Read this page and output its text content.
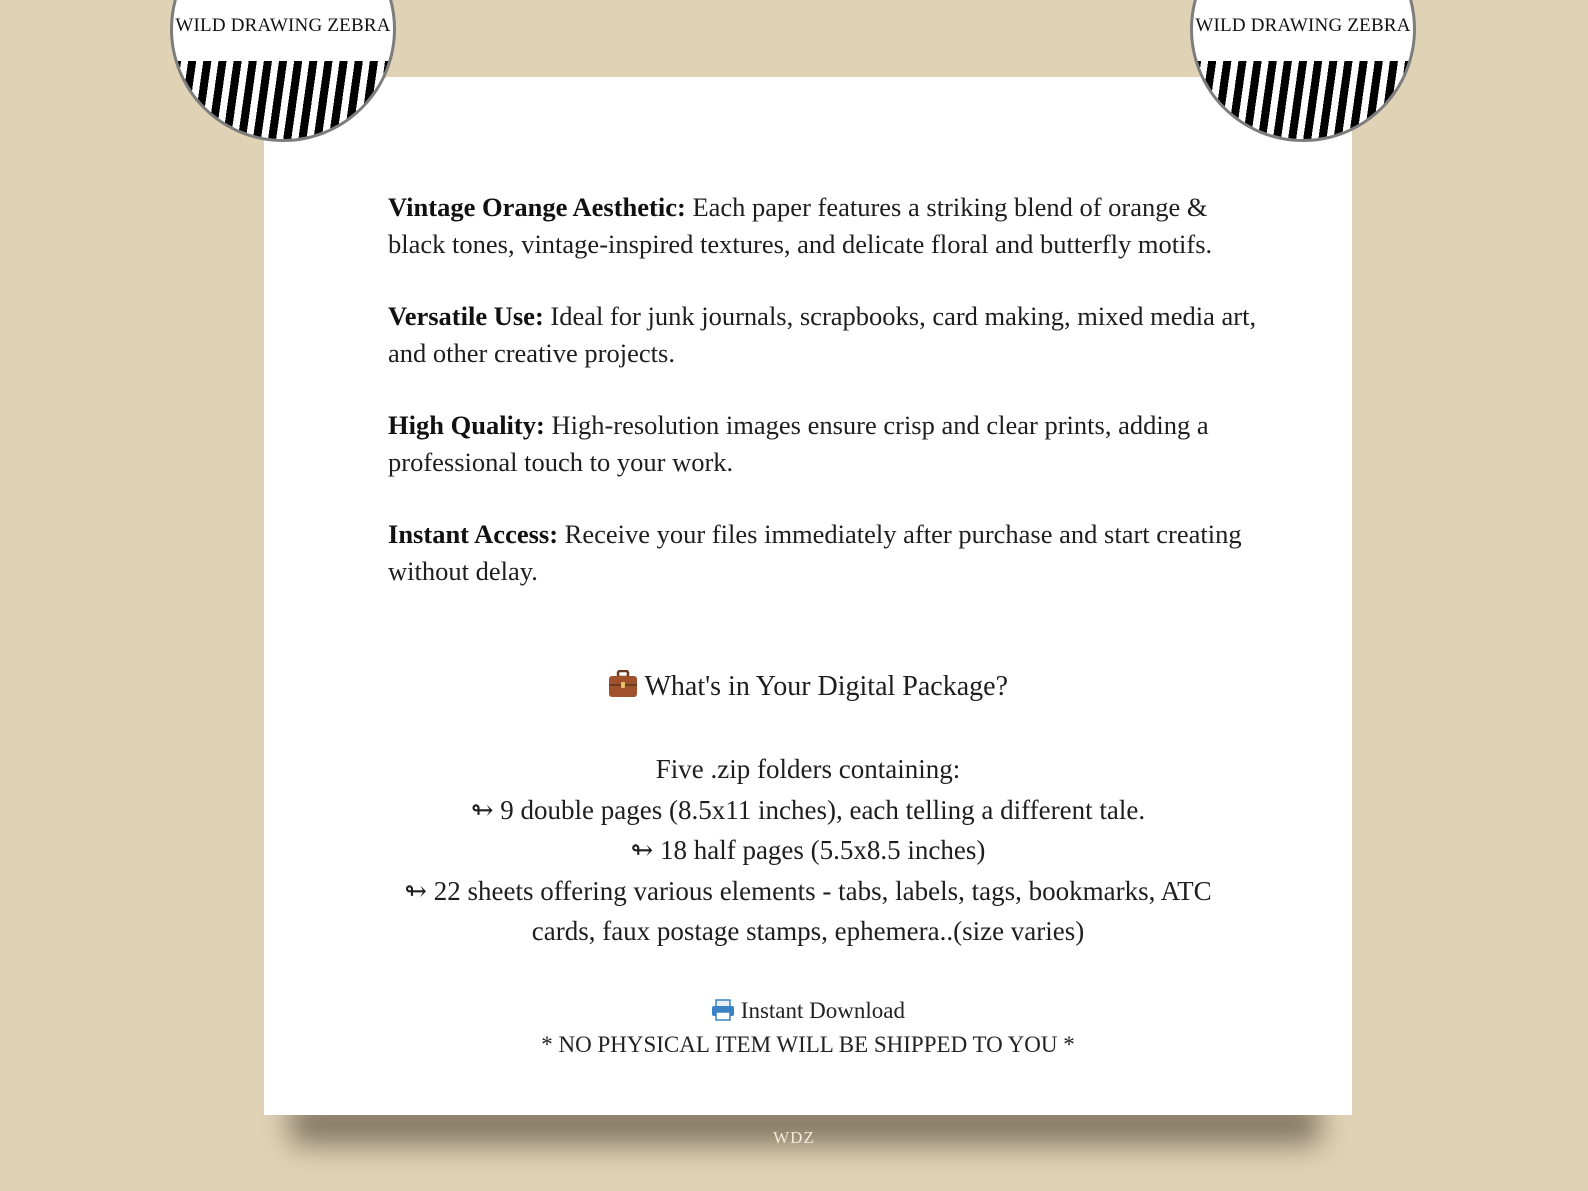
Vintage Orange Aesthetic: Each paper features a striking blend of orange & black tones, vintage-inspired textures, and delicate floral and butterfly motifs.

Versatile Use: Ideal for junk journals, scrapbooks, card making, mixed media art, and other creative projects.

High Quality: High-resolution images ensure crisp and clear prints, adding a professional touch to your work.

Instant Access: Receive your files immediately after purchase and start creating without delay.

What's in Your Digital Package?
Five .zip folders containing:
↬ 9 double pages (8.5x11 inches), each telling a different tale.
↬ 18 half pages (5.5x8.5 inches)
↬ 22 sheets offering various elements - tabs, labels, tags, bookmarks, ATC
cards, faux postage stamps, ephemera..(size varies)
Instant Download
* NO PHYSICAL ITEM WILL BE SHIPPED TO YOU *
WILD DRAWING ZEBRA	WILD DRAWING ZEBRA
WDZ
